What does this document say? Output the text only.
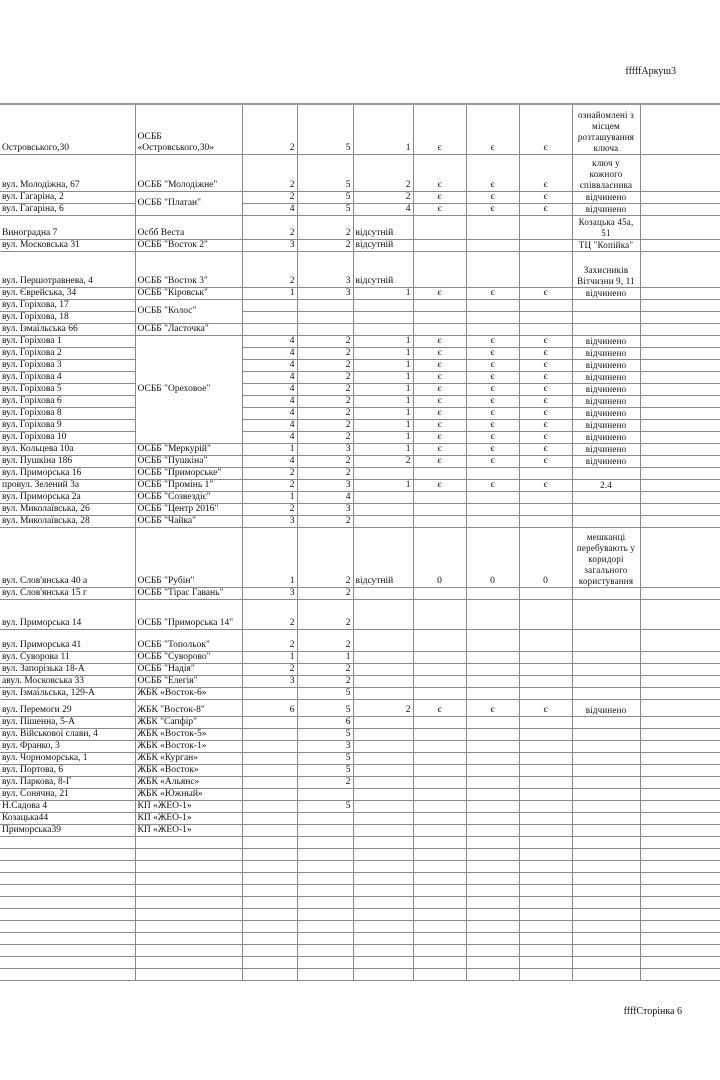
fffffАркуш3
Островського,30	ОСББ «Островського,30»	2	5	1	є	є	є	ознайомлені з місцем розташування ключа	
вул. Молодіжна, 67	ОСББ "Молодіжне"	2	5	2	є	є	є	ключ у кожного співвласника	
вул. Гагаріна, 2	ОСББ "Платан"	2	5	2	є	є	є	відчинено	
вул. Гагаріна, 6		4	5	4	є	є	є	відчинено	
Виноградна 7	Осбб Веста	2	2	відсутній				Козацька 45а, 51	
вул. Московська 31	ОСББ "Восток 2"	3	2	відсутній				ТЦ "Копійка"	
вул. Першотравнева, 4	ОСББ "Восток 3"	2	3	відсутній				Захисників Вітчизни 9, 11	
вул. Єврейська, 34	ОСББ "Кіровськ"	1	3	1	є	є	є	відчинено	
вул. Горіхова, 17	ОСББ "Колос"								
вул. Горіхова, 18									
вул. Ізмаїльська 66	ОСББ "Ласточка"								
вул. Горіхова 1	ОСББ "Ореховое"	4	2	1	є	є	є	відчинено	
вул. Горіхова 2		4	2	1	є	є	є	відчинено	
вул. Горіхова 3		4	2	1	є	є	є	відчинено	
вул. Горіхова 4		4	2	1	є	є	є	відчинено	
вул. Горіхова 5		4	2	1	є	є	є	відчинено	
вул. Горіхова 6		4	2	1	є	є	є	відчинено	
вул. Горіхова 8		4	2	1	є	є	є	відчинено	
вул. Горіхова 9		4	2	1	є	є	є	відчинено	
вул. Горіхова 10		4	2	1	є	є	є	відчинено	
вул. Кольцева 10а	ОСББ "Меркурій"	1	3	1	є	є	є	відчинено	
вул. Пушкіна 186	ОСББ "Пушкіна"	4	2	2	є	є	є	відчинено	
вул. Приморська 16	ОСББ "Приморське"	2	2						
провул. Зелений 3а	ОСББ "Промінь 1"	2	3	1	є	є	є	2.4	
вул. Приморська 2а	ОСББ "Созвездіє"	1	4						
вул. Миколаївська, 26	ОСББ "Центр 2016"	2	3						
вул. Миколаївська, 28	ОСББ "Чайка"	3	2						
вул. Слов'янська 40 а	ОСББ "Рубін"	1	2	відсутній	0	0	0	мешканці перебувають у коридорі загального користування	
вул. Слов'янська 15 г	ОСББ "Тірас Гавань"	3	2						
вул. Приморська 14	ОСББ "Приморська 14"	2	2						
вул. Приморська 41	ОСББ "Топольок"	2	2						
вул. Суворова 11	ОСББ "Суворово"	1	1						
вул. Запорізька 18-А	ОСББ "Надія"	2	2						
авул. Московська 33	ОСББ "Елегія"	3	2						
вул. Ізмаїльська, 129-А	ЖБК «Восток-6»		5						
вул. Перемоги 29	ЖБК "Восток-8"	6	5	2	є	є	є	відчинено	
вул. Пішенна, 5-А	ЖБК "Сапфір"		6						
вул. Військової слави, 4	ЖБК «Восток-5»		5						
вул. Франко, 3	ЖБК «Восток-1»		3						
вул. Чорноморська, 1	ЖБК «Курган»		5						
вул. Портова, 6	ЖБК «Восток»		5						
вул. Паркова, 8-Г	ЖБК «Альянс»		2						
вул. Сонячна, 21	ЖБК «Южный»								
Н.Садова 4	КП «ЖЕО-1»		5						
Козацька44	КП «ЖЕО-1»								
Приморська39	КП «ЖЕО-1»								

ffffСторінка 6
